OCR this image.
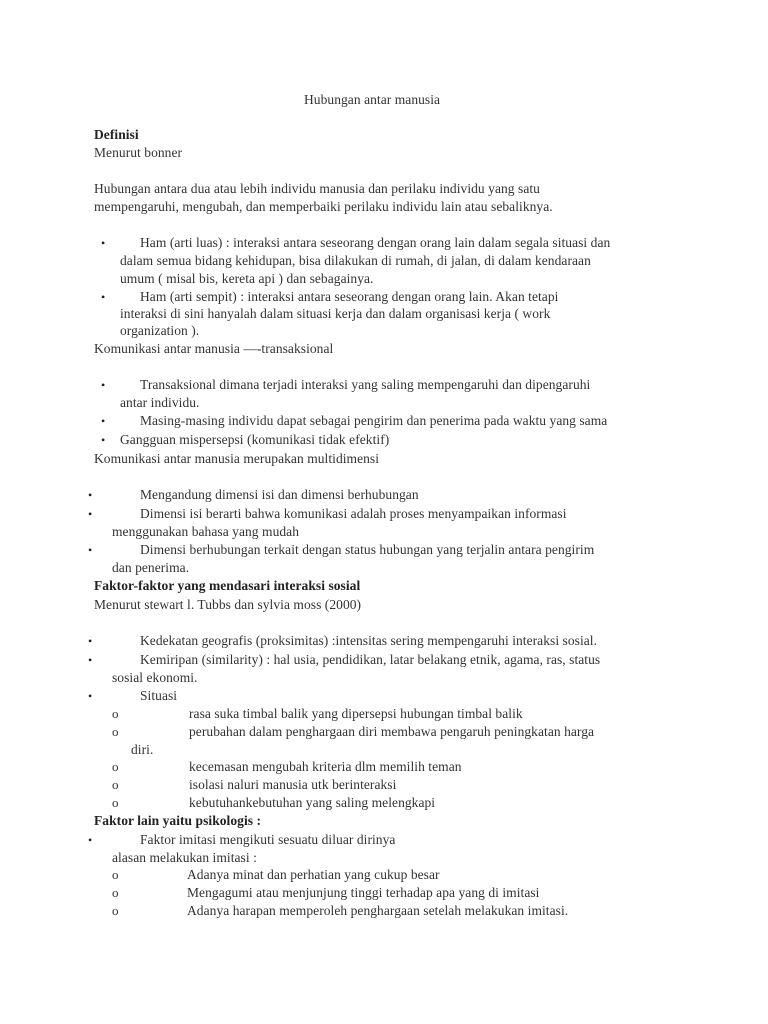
Hubungan antar manusia
Definisi
Menurut bonner
Hubungan antara dua atau lebih individu manusia dan perilaku individu yang satu
mempengaruhi, mengubah, dan memperbaiki perilaku individu lain atau sebaliknya.
•	Ham (arti luas) : interaksi antara seseorang dengan orang lain dalam segala situasi dan
dalam semua bidang kehidupan, bisa dilakukan di rumah, di jalan, di dalam kendaraan
umum ( misal bis, kereta api ) dan sebagainya.
•	Ham (arti sempit) : interaksi antara seseorang dengan orang lain. Akan tetapi
interaksi di sini hanyalah dalam situasi kerja dan dalam organisasi kerja ( work
organization ).
Komunikasi antar manusia —-transaksional
•	Transaksional dimana terjadi interaksi yang saling mempengaruhi dan dipengaruhi
antar individu.
•	Masing-masing individu dapat sebagai pengirim dan penerima pada waktu yang sama
• Gangguan mispersepsi (komunikasi tidak efektif)
Komunikasi antar manusia merupakan multidimensi
•	Mengandung dimensi isi dan dimensi berhubungan
•	Dimensi isi berarti bahwa komunikasi adalah proses menyampaikan informasi
menggunakan bahasa yang mudah
•	Dimensi berhubungan terkait dengan status hubungan yang terjalin antara pengirim
dan penerima.
Faktor-faktor yang mendasari interaksi sosial
Menurut stewart l. Tubbs dan sylvia moss (2000)
•	Kedekatan geografis (proksimitas) :intensitas sering mempengaruhi interaksi sosial.
•	Kemiripan (similarity) : hal usia, pendidikan, latar belakang etnik, agama, ras, status
sosial ekonomi.
•	Situasi
o	rasa suka timbal balik yang dipersepsi hubungan timbal balik
o	perubahan dalam penghargaan diri membawa pengaruh peningkatan harga
diri.
o	kecemasan mengubah kriteria dlm memilih teman
o	isolasi naluri manusia utk berinteraksi
o	kebutuhankebutuhan yang saling melengkapi
Faktor lain yaitu psikologis :
•	Faktor imitasi mengikuti sesuatu diluar dirinya
alasan melakukan imitasi :
o	Adanya minat dan perhatian yang cukup besar
o	Mengagumi atau menjunjung tinggi terhadap apa yang di imitasi
o	Adanya harapan memperoleh penghargaan setelah melakukan imitasi.
